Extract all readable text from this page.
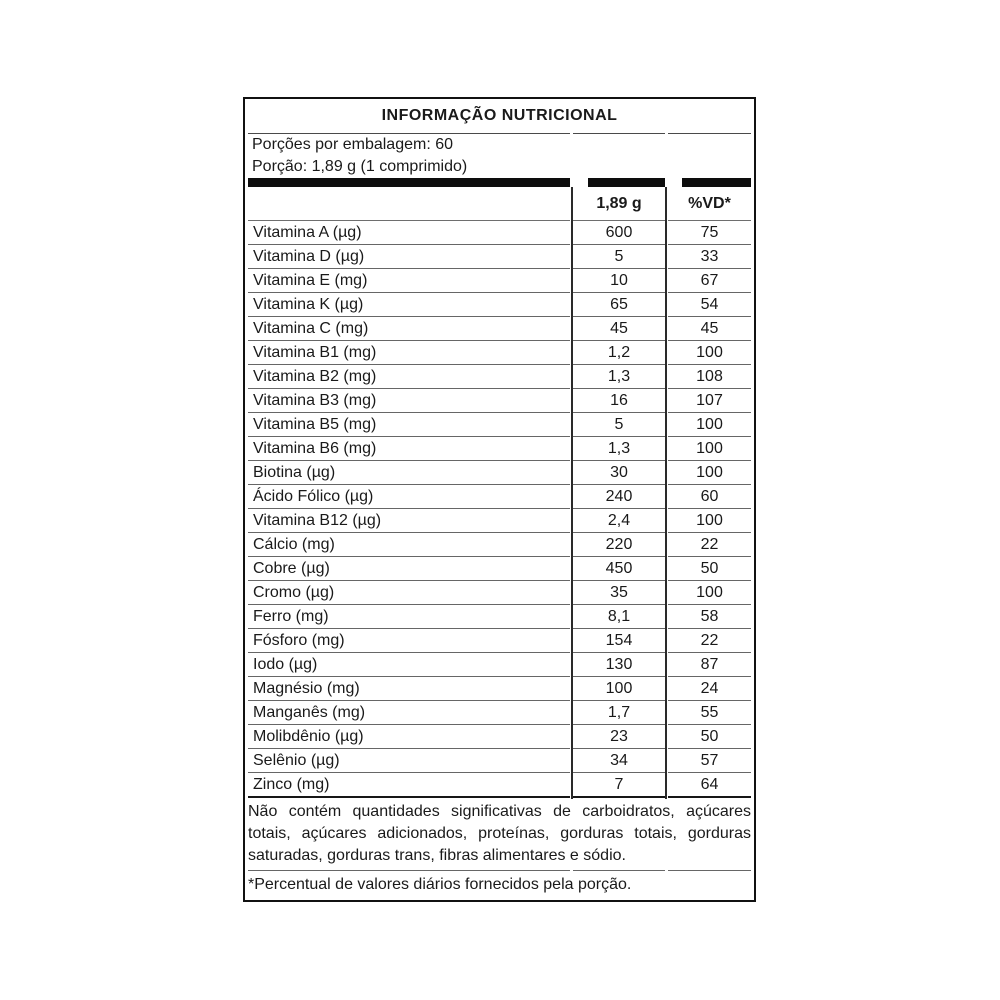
INFORMAÇÃO NUTRICIONAL		

Porções por embalagem: 60
Porção: 1,89 g (1 comprimido)		

	1,89 g	%VD*
Vitamina A (µg)	600	75
Vitamina D (µg)	5	33
Vitamina E (mg)	10	67
Vitamina K (µg)	65	54
Vitamina C (mg)	45	45
Vitamina B1 (mg)	1,2	100
Vitamina B2 (mg)	1,3	108
Vitamina B3 (mg)	16	107
Vitamina B5 (mg)	5	100
Vitamina B6 (mg)	1,3	100
Biotina (µg)	30	100
Ácido Fólico (µg)	240	60
Vitamina B12 (µg)	2,4	100
Cálcio (mg)	220	22
Cobre (µg)	450	50
Cromo (µg)	35	100
Ferro (mg)	8,1	58
Fósforo (mg)	154	22
Iodo (µg)	130	87
Magnésio (mg)	100	24
Manganês (mg)	1,7	55
Molibdênio (µg)	23	50
Selênio (µg)	34	57
Zinco (mg)	7	64
Não contém quantidades significativas de carboidratos, açúcares totais, açúcares adicionados, proteínas, gorduras totais, gorduras saturadas, gorduras trans, fibras alimentares e sódio.		

*Percentual de valores diários fornecidos pela porção.		
